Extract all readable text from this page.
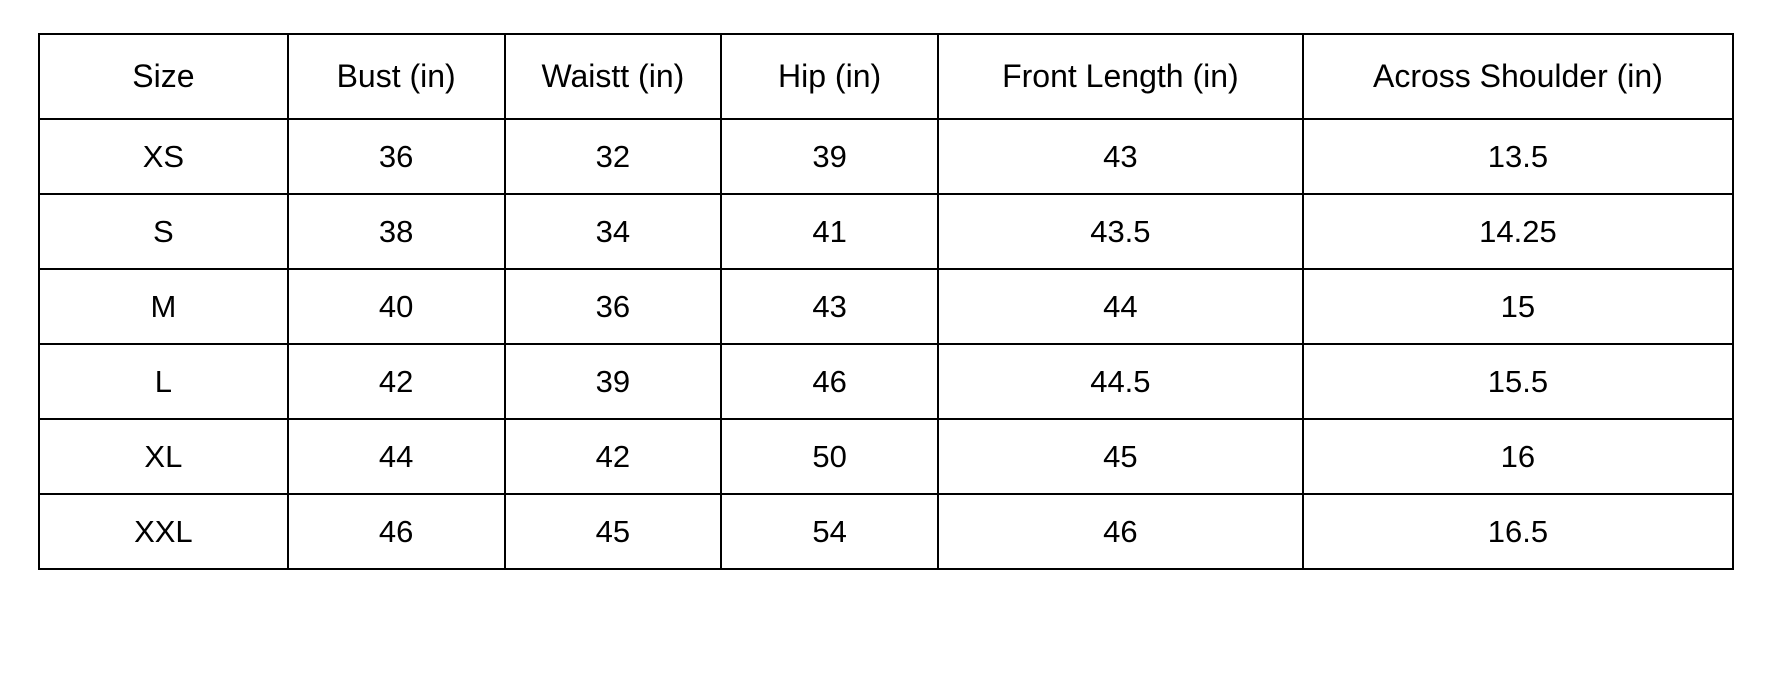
Size	Bust (in)	Waistt (in)	Hip (in)	Front Length (in)	Across Shoulder (in)
XS	36	32	39	43	13.5
S	38	34	41	43.5	14.25
M	40	36	43	44	15
L	42	39	46	44.5	15.5
XL	44	42	50	45	16
XXL	46	45	54	46	16.5
